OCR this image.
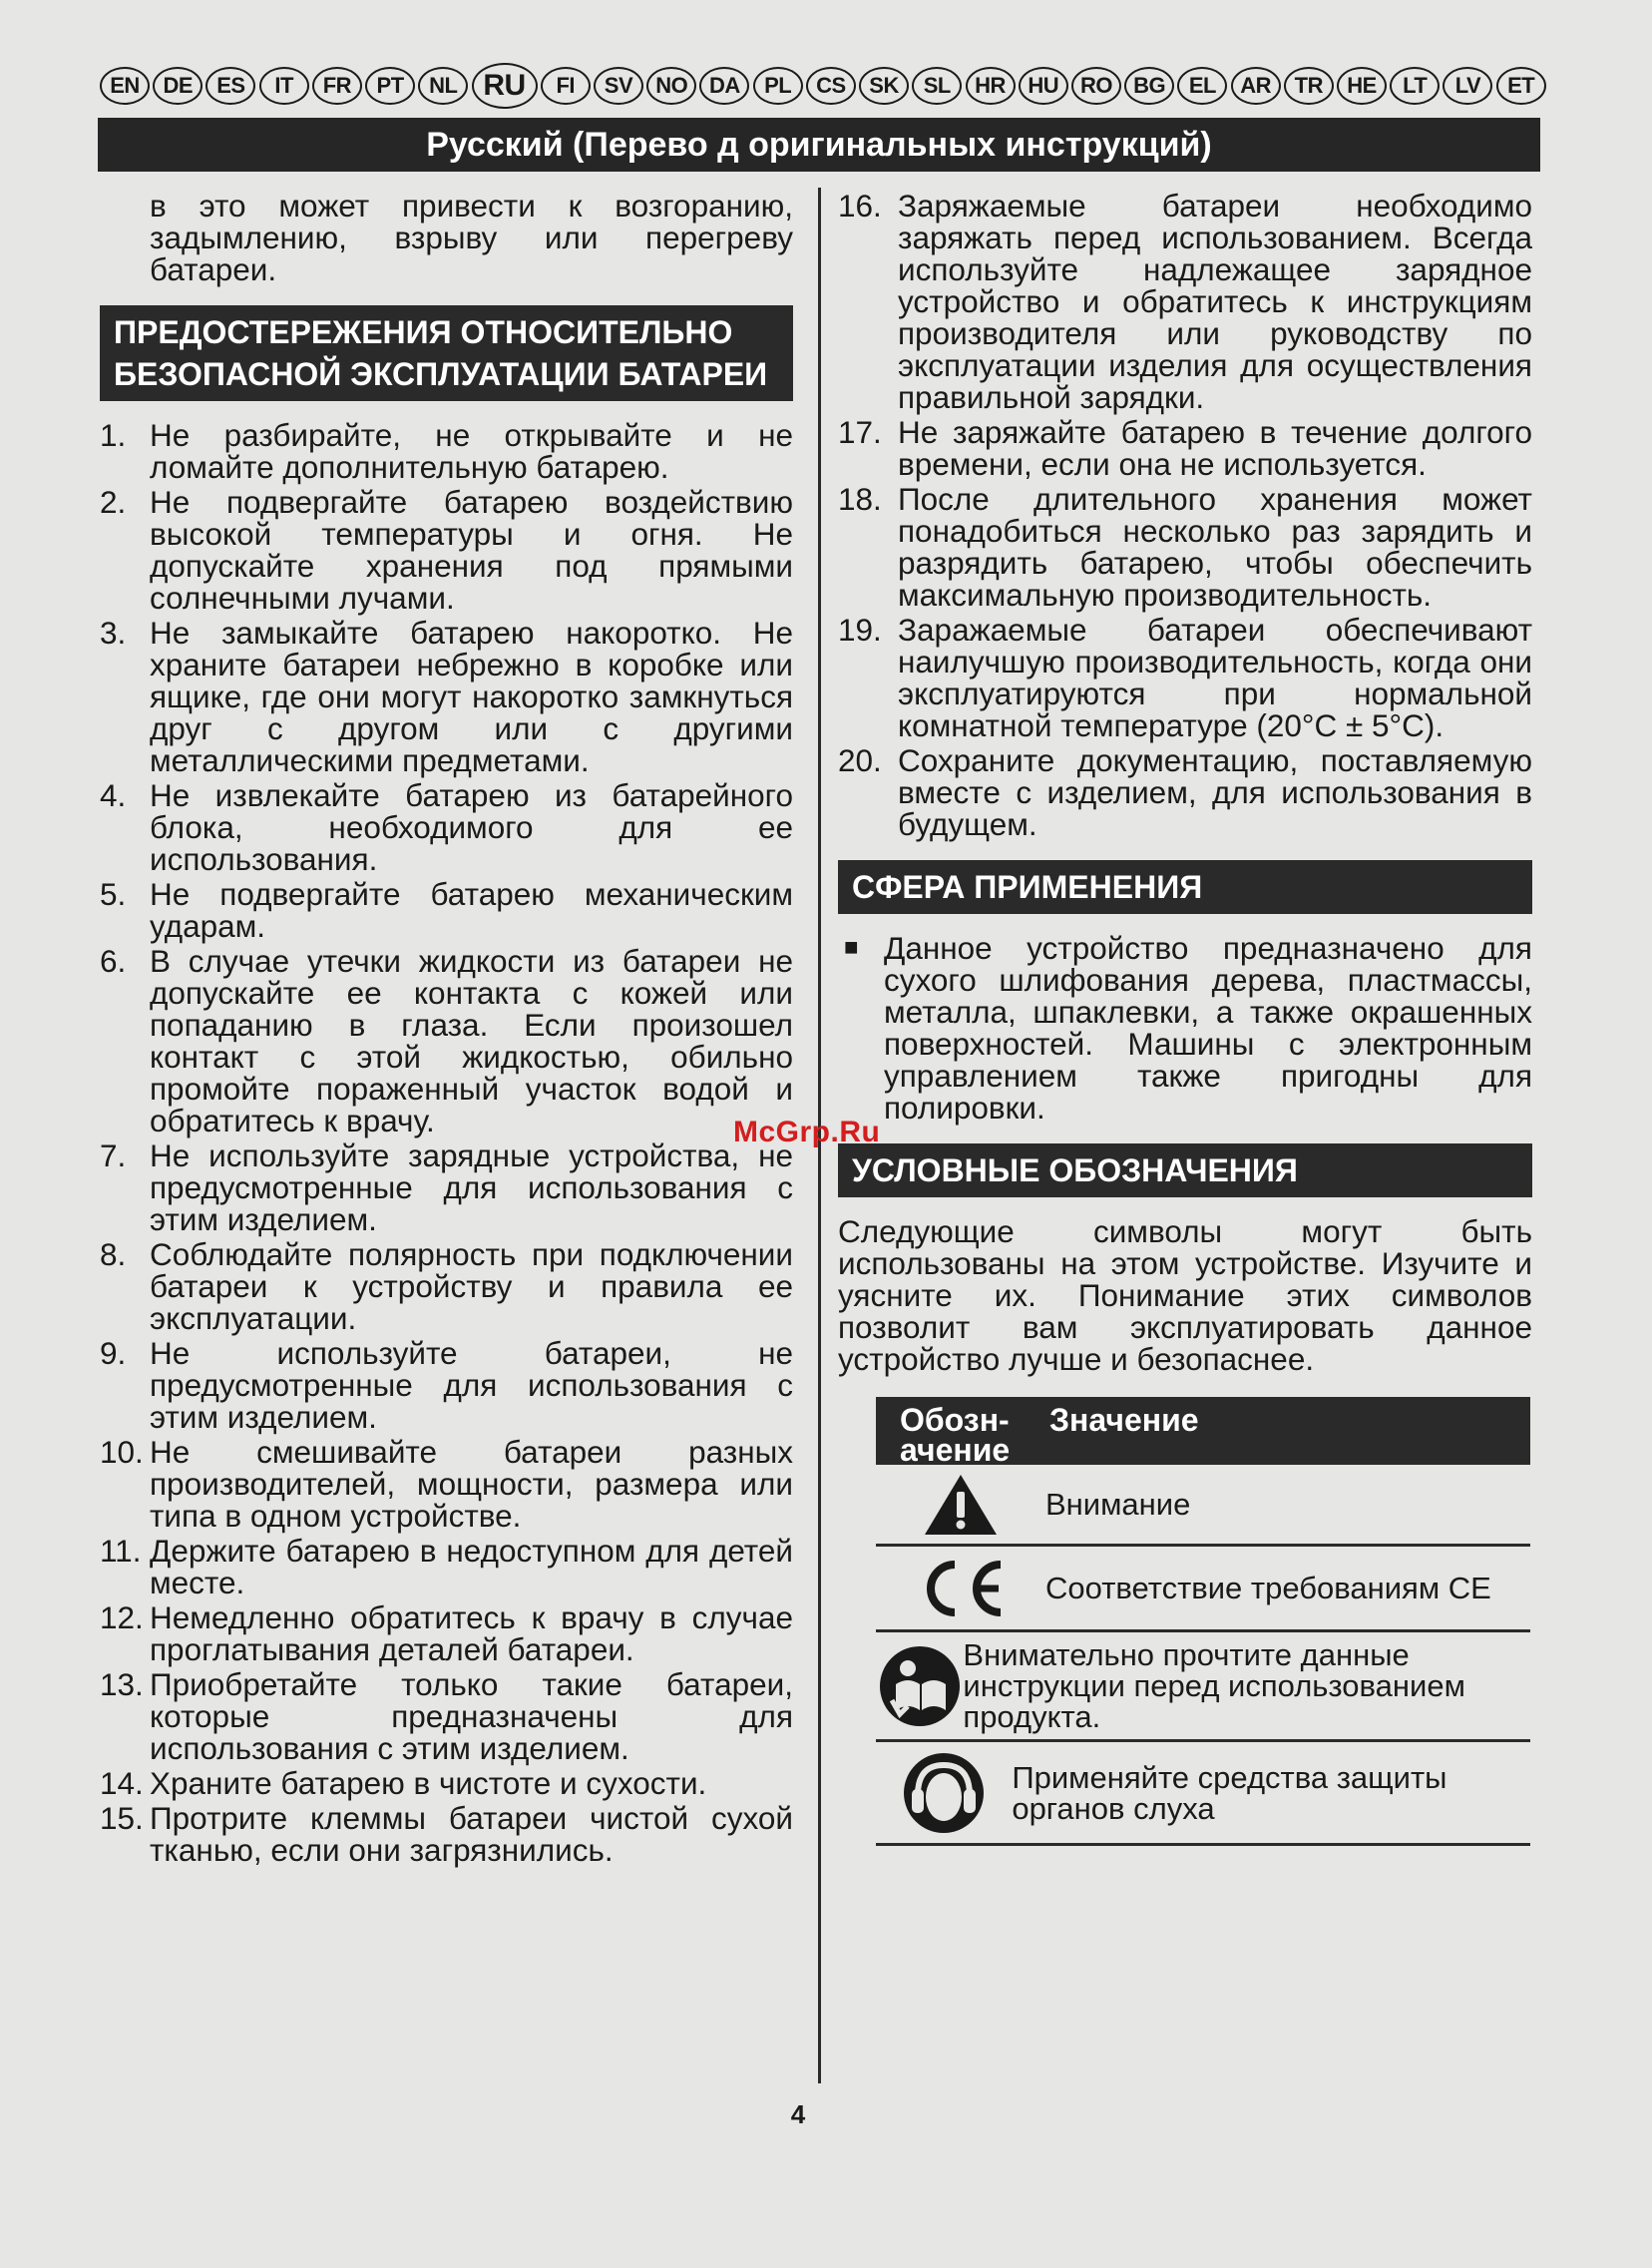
EN	DE	ES	IT	FR	PT	NL RU	FI	SV	NO DA	PL	CS	SK	SL	HR	HU RO BG	EL	AR	TR	HE	LT	LV	ET
Русский (Перево д оригинальных инструкций)

в это может привести к возгоранию, задымлению, взрыву или перегреву батареи.

ПРЕДОСТЕРЕЖЕНИЯ ОТНОСИТЕЛЬНО БЕЗОПАСНОЙ ЭКСПЛУАТАЦИИ БАТАРЕИ
1. Не разбирайте, не открывайте и не ломайте дополнительную батарею.
2. Не подвергайте батарею воздействию высокой температуры и огня. Не допускайте хранения под прямыми солнечными лучами.
3. Не замыкайте батарею накоротко. Не храните батареи небрежно в коробке или ящике, где они могут накоротко замкнуться друг с другом или с другими металлическими предметами.
4. Не извлекайте батарею из батарейного блока, необходимого для ее использования.
5. Не подвергайте батарею механическим ударам.
6. В случае утечки жидкости из батареи не допускайте ее контакта с кожей или попаданию в глаза. Если произошел контакт с этой жидкостью, обильно промойте пораженный участок водой и обратитесь к врачу.
7. Не используйте зарядные устройства, не предусмотренные для использования с этим изделием.
8. Соблюдайте полярность при подключении батареи к устройству и правила ее эксплуатации.
9. Не используйте батареи, не предусмотренные для использования с этим изделием.
10. Не смешивайте батареи разных производителей, мощности, размера или типа в одном устройстве.
11. Держите батарею в недоступном для детей месте.
12. Немедленно обратитесь к врачу в случае проглатывания деталей батареи.
13. Приобретайте только такие батареи, которые предназначены для использования с этим изделием.
14. Храните батарею в чистоте и сухости.
15. Протрите клеммы батареи чистой сухой тканью, если они загрязнились.
16. Заряжаемые батареи необходимо заряжать перед использованием. Всегда используйте надлежащее зарядное устройство и обратитесь к инструкциям производителя или руководству по эксплуатации изделия для осуществления правильной зарядки.
17. Не заряжайте батарею в течение долгого времени, если она не используется.
18. После длительного хранения может понадобиться несколько раз зарядить и разрядить батарею, чтобы обеспечить максимальную производительность.
19. Заражаемые батареи обеспечивают наилучшую производительность, когда они эксплуатируются при нормальной комнатной температуре (20°C ± 5°C).
20. Сохраните документацию, поставляемую вместе с изделием, для использования в будущем.
СФЕРА ПРИМЕНЕНИЯ
■ Данное устройство предназначено для сухого шлифования дерева, пластмассы, металла, шпаклевки, а также окрашенных поверхностей. Машины с электронным управлением также пригодны для полировки.
УСЛОВНЫЕ ОБОЗНАЧЕНИЯ

Следующие символы могут быть использованы на этом устройстве. Изучите и уясните их. Понимание этих символов позволит вам эксплуатировать данное устройство лучше и безопаснее.

Обозн- ачение
Значение
Внимание
Соответствие требованиям CE
Внимательно прочтите данные инструкции перед использованием продукта.
Применяйте средства защиты органов слуха
McGrp.Ru
4
